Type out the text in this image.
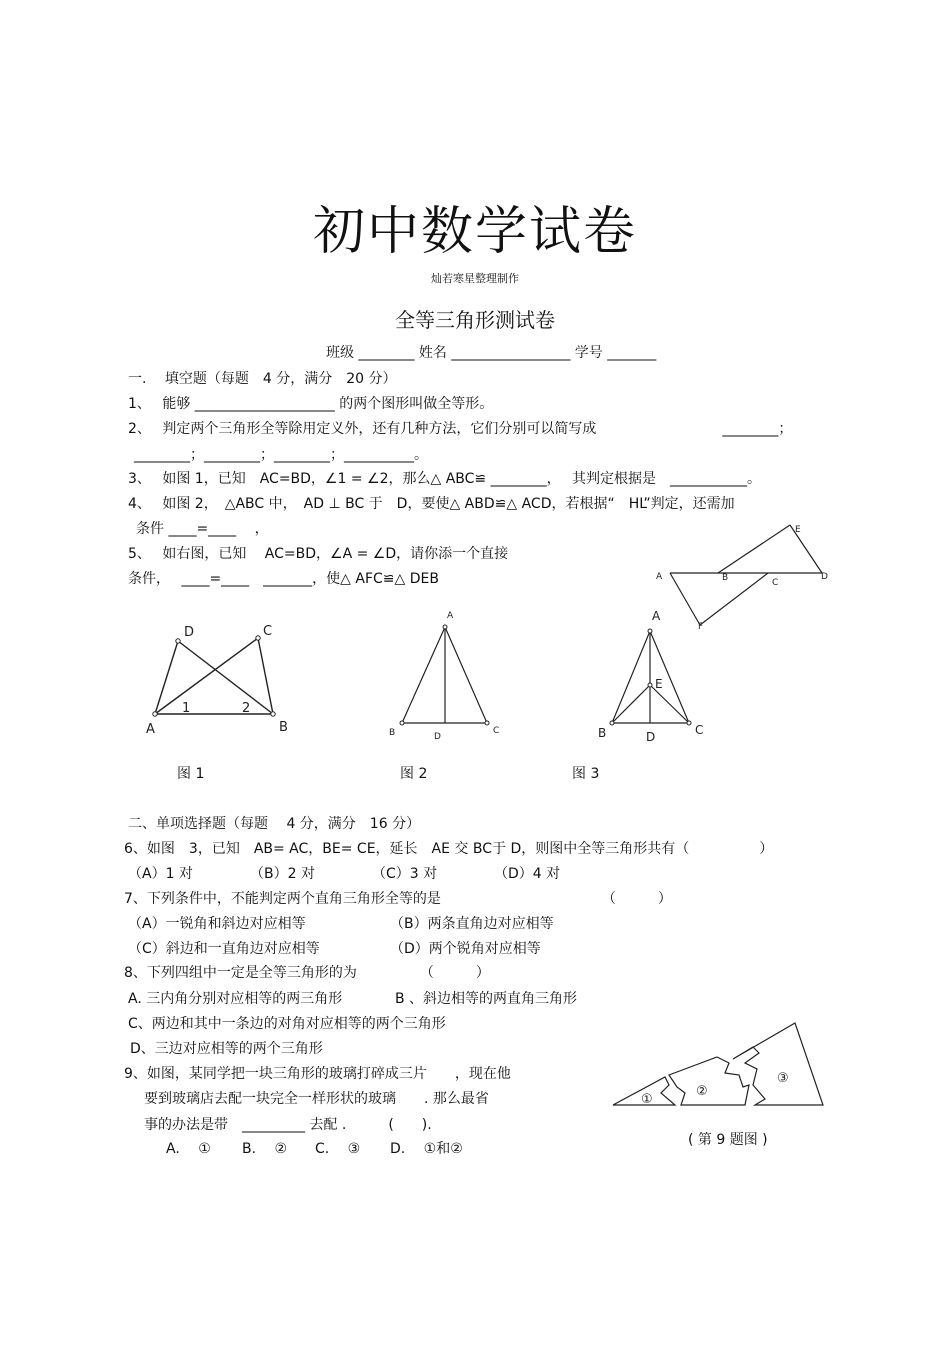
初中数学试卷
灿若寒星整理制作
全等三角形测试卷
班级 ________ 姓名 _________________ 学号 _______
一.　 填空题（每题　4 分，满分　20 分）
1、　 能够 ____________________ 的两个图形叫做全等形。
2、　 判定两个三角形全等除用定义外，还有几种方法，它们分别可以简写成　　　　　　　　　________；
________；________；________；__________。
3、　 如图 1，已知　AC=BD，∠1 = ∠2，那么△ ABC≌ ________，　 其判定根据是　___________。
4、　 如图 2，　△ABC 中，　AD ⊥ BC 于　D，要使△ ABD≌△ ACD，若根据“　HL”判定，还需加
条件 ____=____　 ，
5、　 如右图，已知　 AC=BD，∠A = ∠D，请你添一个直接
条件，　 ____=____　_______，使△ AFC≌△ DEB	A	B	C
D
E
F
D	C
A	B
1	2
图 1
A
B	D
C
图 2
A
E
B	D	C
图 3
二、单项选择题（每题　 4 分，满分　16 分）
6、如图　3，已知　AB= AC，BE= CE，延长　AE 交 BC于 D，则图中全等三角形共有（　　　　　）
（A）1 对	（B）2 对	（C）3 对	（D）4 对
7、下列条件中，不能判定两个直角三角形全等的是　　　　　　　　　　　　（　　　）
（A）一锐角和斜边对应相等	（B）两条直角边对应相等
（C）斜边和一直角边对应相等	（D）两个锐角对应相等
8、下列四组中一定是全等三角形的为　　　　　（　　　）
A. 三内角分别对应相等的两三角形	B 、斜边相等的两直角三角形
C、两边和其中一条边的对角对应相等的两个三角形
D、三边对应相等的两个三角形
9、如图，某同学把一块三角形的玻璃打碎成三片　　，现在他
要到玻璃店去配一块完全一样形状的玻璃　　. 那么最省
事的办法是带　_________ 去配 .　　　(　　).
A.　 ① B.　 ② C.　 ③ D.　 ①和②
①
②
③
( 第 9 题图 )
